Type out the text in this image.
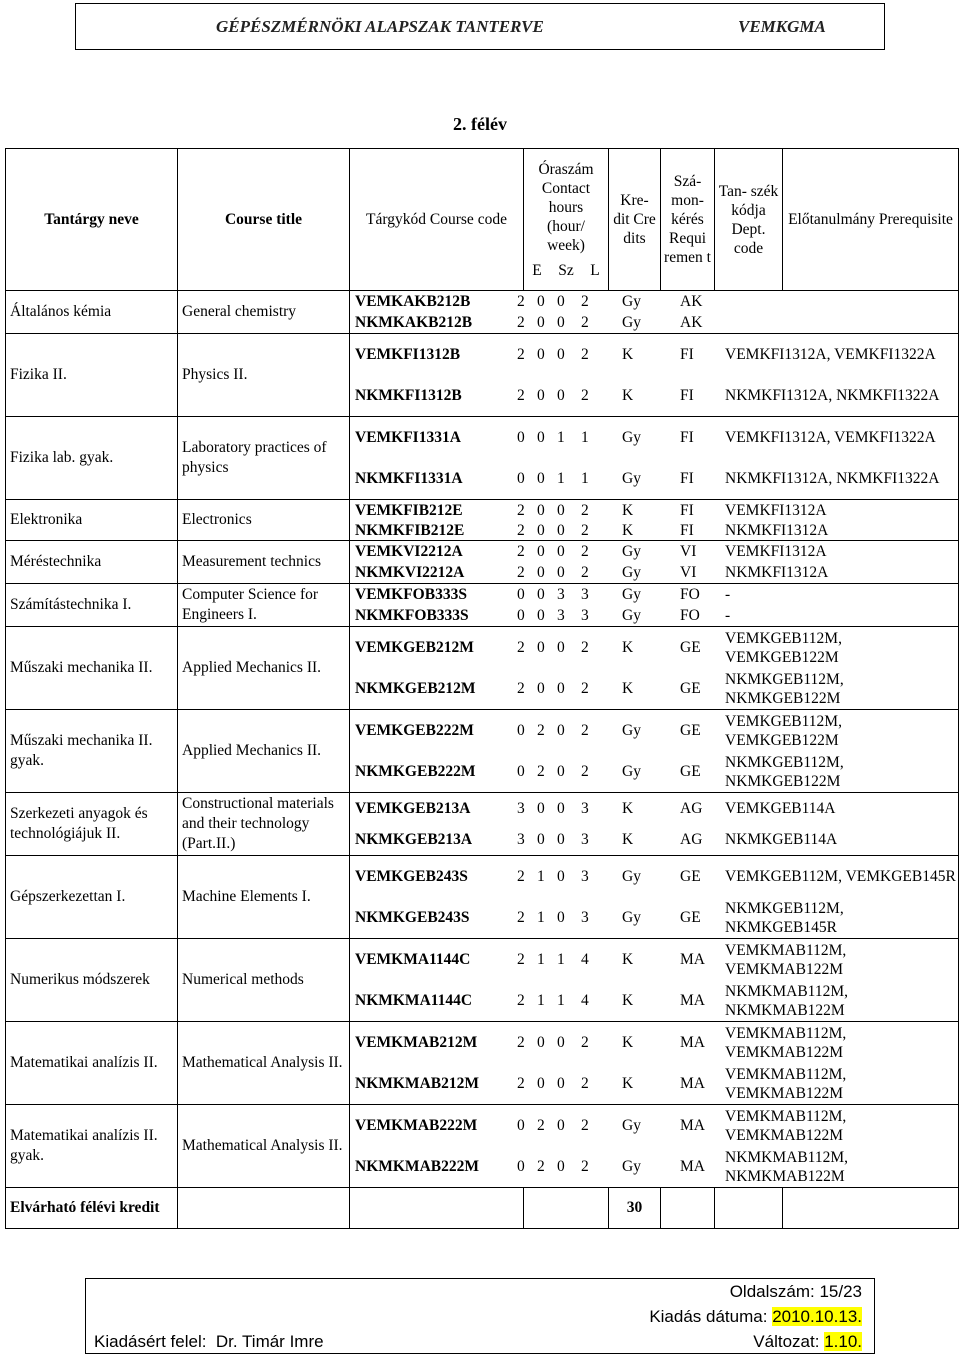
GÉPÉSZMÉRNÖKI ALAPSZAK TANTERVE	VEMKGMA
2. félév
Tantárgy neve	Course title	Tárgykód Course code	
Óraszám Contact hours (hour/ week)
E Sz L
	Kre- dit Cre dits	Szá- mon- kérés Requi remen t	Tan- szék kódja Dept. code	Előtanulmány Prerequisite
Általános kémia	General chemistry	
VEMKAKB212B	2	0	0	2	Gy	AK	
NKMKAKB212B	2	0	0	2	Gy	AK	

Fizika II.	Physics II.	
VEMKFI1312B	2	0	0	2	K	FI	VEMKFI1312A, VEMKFI1322A
NKMKFI1312B	2	0	0	2	K	FI	NKMKFI1312A, NKMKFI1322A

Fizika lab. gyak.	Laboratory practices of physics	
VEMKFI1331A	0	0	1	1	Gy	FI	VEMKFI1312A, VEMKFI1322A
NKMKFI1331A	0	0	1	1	Gy	FI	NKMKFI1312A, NKMKFI1322A

Elektronika	Electronics	
VEMKFIB212E	2	0	0	2	K	FI	VEMKFI1312A
NKMKFIB212E	2	0	0	2	K	FI	NKMKFI1312A

Méréstechnika	Measurement technics	
VEMKVI2212A	2	0	0	2	Gy	VI	VEMKFI1312A
NKMKVI2212A	2	0	0	2	Gy	VI	NKMKFI1312A

Számítástechnika I.	Computer Science for Engineers I.	
VEMKFOB333S	0	0	3	3	Gy	FO	-
NKMKFOB333S	0	0	3	3	Gy	FO	-

Műszaki mechanika II.	Applied Mechanics II.	
VEMKGEB212M	2	0	0	2	K	GE	VEMKGEB112M, VEMKGEB122M
NKMKGEB212M	2	0	0	2	K	GE	NKMKGEB112M, NKMKGEB122M

Műszaki mechanika II. gyak.	Applied Mechanics II.	
VEMKGEB222M	0	2	0	2	Gy	GE	VEMKGEB112M, VEMKGEB122M
NKMKGEB222M	0	2	0	2	Gy	GE	NKMKGEB112M, NKMKGEB122M

Szerkezeti anyagok és technológiájuk II.	Constructional materials and their technology (Part.II.)	
VEMKGEB213A	3	0	0	3	K	AG	VEMKGEB114A
NKMKGEB213A	3	0	0	3	K	AG	NKMKGEB114A

Gépszerkezettan I.	Machine Elements I.	
VEMKGEB243S	2	1	0	3	Gy	GE	VEMKGEB112M, VEMKGEB145R
NKMKGEB243S	2	1	0	3	Gy	GE	NKMKGEB112M, NKMKGEB145R

Numerikus módszerek	Numerical methods	
VEMKMA1144C	2	1	1	4	K	MA	VEMKMAB112M, VEMKMAB122M
NKMKMA1144C	2	1	1	4	K	MA	NKMKMAB112M, NKMKMAB122M

Matematikai analízis II.	Mathematical Analysis II.	
VEMKMAB212M	2	0	0	2	K	MA	VEMKMAB112M, VEMKMAB122M
NKMKMAB212M	2	0	0	2	K	MA	VEMKMAB112M, VEMKMAB122M

Matematikai analízis II. gyak.	Mathematical Analysis II.	
VEMKMAB222M	0	2	0	2	Gy	MA	VEMKMAB112M, VEMKMAB122M
NKMKMAB222M	0	2	0	2	Gy	MA	NKMKMAB112M, NKMKMAB122M

Elvárható félévi kredit				30			
Oldalszám: 15/23
Kiadás dátuma: 2010.10.13.
Kiadásért felel:  Dr. Timár Imre	Változat: 1.10.
